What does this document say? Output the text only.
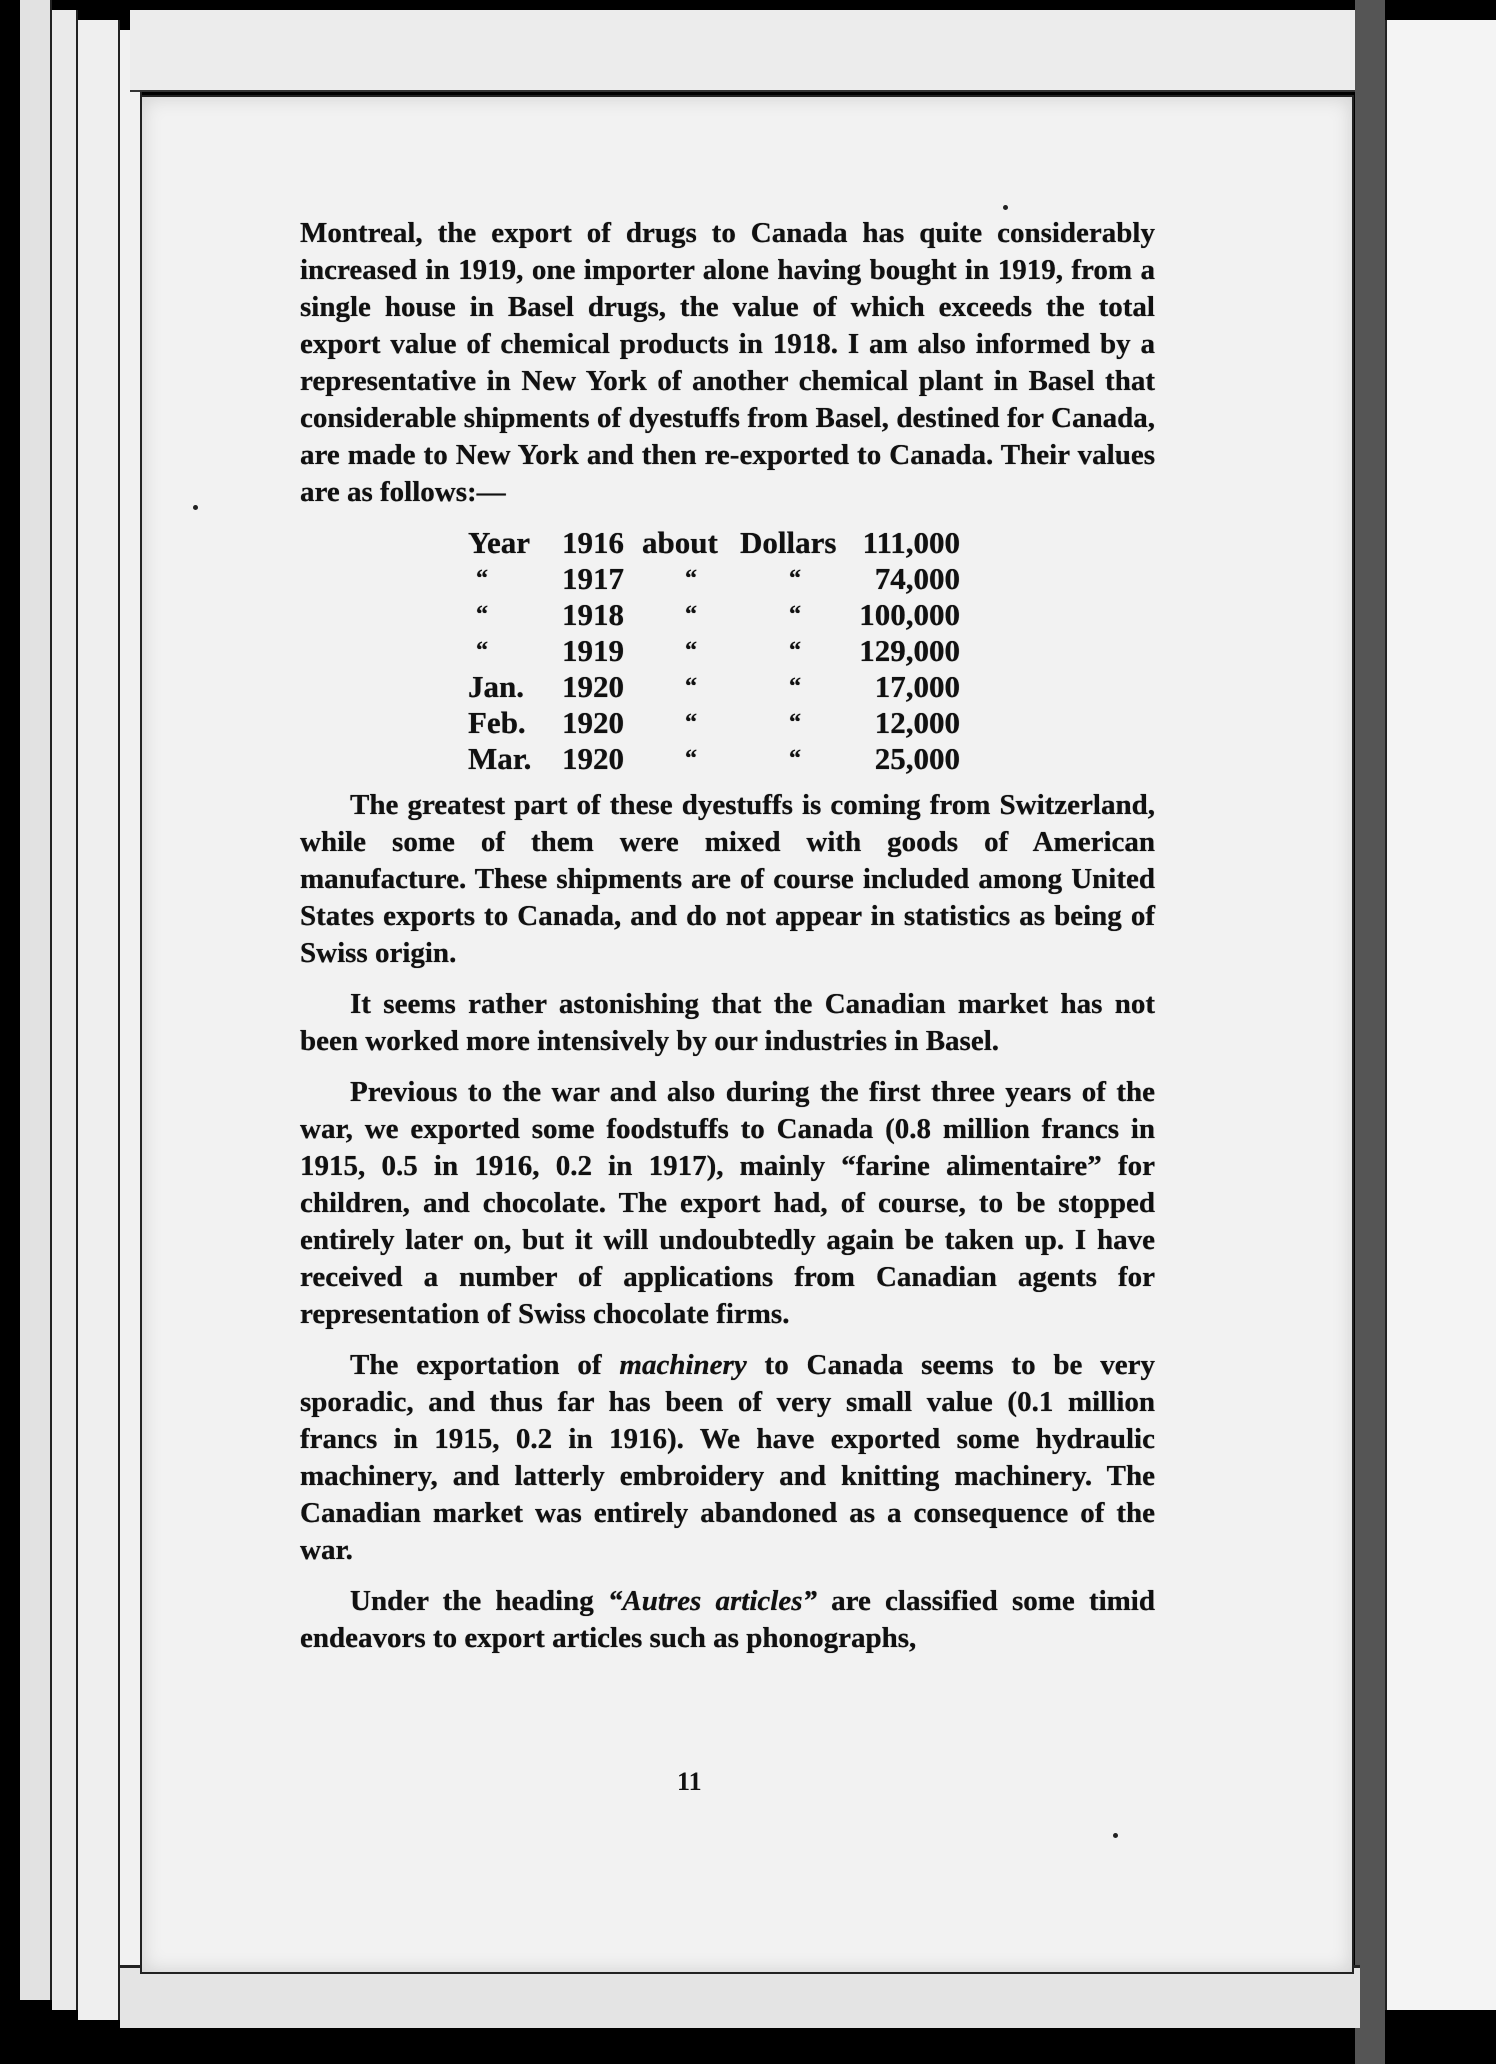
Montreal, the export of drugs to Canada has quite considerably increased in 1919, one importer alone having bought in 1919, from a single house in Basel drugs, the value of which exceeds the total export value of chemical products in 1918. I am also informed by a representative in New York of another chemical plant in Basel that considerable shipments of dyestuffs from Basel, destined for Canada, are made to New York and then re-exported to Canada. Their values are as follows:—

Year	1916	about	Dollars	111,000
“	1917	“	“	74,000
“	1918	“	“	100,000
“	1919	“	“	129,000
Jan.	1920	“	“	17,000
Feb.	1920	“	“	12,000
Mar.	1920	“	“	25,000

The greatest part of these dyestuffs is coming from Switzerland, while some of them were mixed with goods of American manufacture. These shipments are of course included among United States exports to Canada, and do not appear in statistics as being of Swiss origin.

It seems rather astonishing that the Canadian market has not been worked more intensively by our industries in Basel.

Previous to the war and also during the first three years of the war, we exported some foodstuffs to Canada (0.8 million francs in 1915, 0.5 in 1916, 0.2 in 1917), mainly “farine alimentaire” for children, and chocolate. The export had, of course, to be stopped entirely later on, but it will undoubtedly again be taken up. I have received a number of applications from Canadian agents for representation of Swiss chocolate firms.

The exportation of machinery to Canada seems to be very sporadic, and thus far has been of very small value (0.1 million francs in 1915, 0.2 in 1916). We have exported some hydraulic machinery, and latterly embroidery and knitting machinery. The Canadian market was entirely abandoned as a consequence of the war.

Under the heading “Autres articles” are classified some timid endeavors to export articles such as phonographs,

11
